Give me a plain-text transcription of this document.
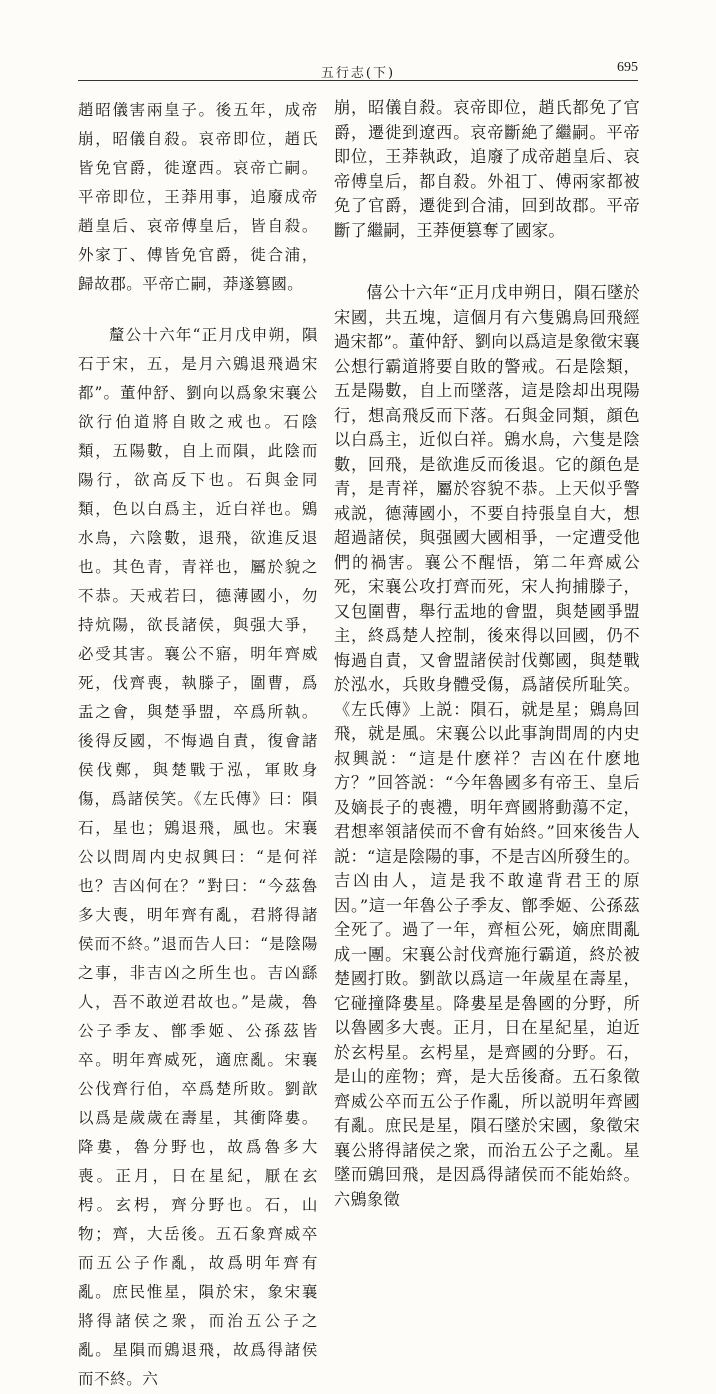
五行志(下)	695

趙昭儀害兩皇子。後五年，成帝崩，昭儀自殺。哀帝即位，趙氏皆免官爵，徙遼西。哀帝亡嗣。平帝即位，王莽用事，追廢成帝趙皇后、哀帝傅皇后，皆自殺。外家丁、傅皆免官爵，徙合浦，歸故郡。平帝亡嗣，莽遂篡國。

釐公十六年“正月戊申朔，隕石于宋，五，是月六鶂退飛過宋都”。董仲舒、劉向以爲象宋襄公欲行伯道將自敗之戒也。石陰類，五陽數，自上而隕，此陰而陽行，欲高反下也。石與金同類，色以白爲主，近白祥也。鶂水鳥，六陰數，退飛，欲進反退也。其色青，青祥也，屬於貌之不恭。天戒若曰，德薄國小，勿持炕陽，欲長諸侯，與强大爭，必受其害。襄公不寤，明年齊威死，伐齊喪，執滕子，圍曹，爲盂之會，與楚爭盟，卒爲所執。後得反國，不悔過自責，復會諸侯伐鄭，與楚戰于泓，軍敗身傷，爲諸侯笑。《左氏傳》曰：隕石，星也；鶂退飛，風也。宋襄公以問周内史叔興曰：“是何祥也？吉凶何在？”對曰：“今茲魯多大喪，明年齊有亂，君將得諸侯而不終。”退而告人曰：“是陰陽之事，非吉凶之所生也。吉凶繇人，吾不敢逆君故也。”是歲，魯公子季友、鄫季姬、公孫茲皆卒。明年齊威死，適庶亂。宋襄公伐齊行伯，卒爲楚所敗。劉歆以爲是歲歲在壽星，其衝降婁。降婁，魯分野也，故爲魯多大喪。正月，日在星紀，厭在玄枵。玄枵，齊分野也。石，山物；齊，大岳後。五石象齊威卒而五公子作亂，故爲明年齊有亂。庶民惟星，隕於宋，象宋襄將得諸侯之衆，而治五公子之亂。星隕而鶂退飛，故爲得諸侯而不終。六

崩，昭儀自殺。哀帝即位，趙氏都免了官爵，遷徙到遼西。哀帝斷絶了繼嗣。平帝即位，王莽執政，追廢了成帝趙皇后、哀帝傅皇后，都自殺。外祖丁、傅兩家都被免了官爵，遷徙到合浦，回到故郡。平帝斷了繼嗣，王莽便篡奪了國家。

僖公十六年“正月戊申朔日，隕石墜於宋國，共五塊，這個月有六隻鶂鳥回飛經過宋都”。董仲舒、劉向以爲這是象徵宋襄公想行霸道將要自敗的警戒。石是陰類，五是陽數，自上而墜落，這是陰却出現陽行，想高飛反而下落。石與金同類，顔色以白爲主，近似白祥。鶂水鳥，六隻是陰數，回飛，是欲進反而後退。它的顔色是青，是青祥，屬於容貌不恭。上天似乎警戒説，德薄國小，不要自持張皇自大，想超過諸侯，與强國大國相爭，一定遭受他們的禍害。襄公不醒悟，第二年齊威公死，宋襄公攻打齊而死，宋人拘捕滕子，又包圍曹，舉行盂地的會盟，與楚國爭盟主，終爲楚人控制，後來得以回國，仍不悔過自責，又會盟諸侯討伐鄭國，與楚戰於泓水，兵敗身體受傷，爲諸侯所耻笑。《左氏傳》上説：隕石，就是星；鶂鳥回飛，就是風。宋襄公以此事詢問周的内史叔興説：“這是什麽祥？吉凶在什麽地方？”回答説：“今年魯國多有帝王、皇后及嫡長子的喪禮，明年齊國將動蕩不定，君想率領諸侯而不會有始終。”回來後告人説：“這是陰陽的事，不是吉凶所發生的。吉凶由人，這是我不敢違背君王的原因。”這一年魯公子季友、鄫季姬、公孫茲全死了。過了一年，齊桓公死，嫡庶間亂成一團。宋襄公討伐齊施行霸道，終於被楚國打敗。劉歆以爲這一年歲星在壽星，它碰撞降婁星。降婁星是魯國的分野，所以魯國多大喪。正月，日在星紀星，迫近於玄枵星。玄枵星，是齊國的分野。石，是山的産物；齊，是大岳後裔。五石象徵齊威公卒而五公子作亂，所以説明年齊國有亂。庶民是星，隕石墜於宋國，象徵宋襄公將得諸侯之衆，而治五公子之亂。星墜而鶂回飛，是因爲得諸侯而不能始終。六鶂象徵
